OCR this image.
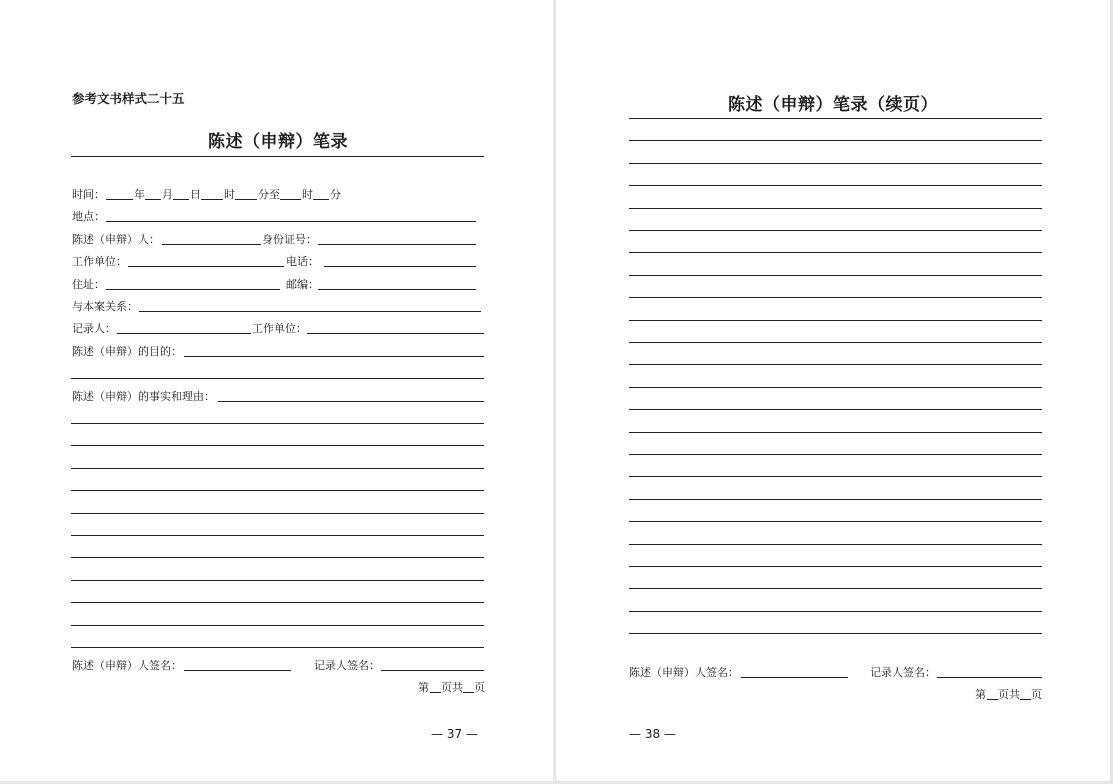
参考文书样式二十五
陈述（申辩）笔录
时间：	年 月 日 时 分至 时 分
地点：
陈述（申辩）人：	身份证号：
工作单位：	电话：
住址：	邮编：
与本案关系：
记录人：	工作单位：
陈述（申辩）的目的：
陈述（申辩）的事实和理由：
陈述（申辩）人签名：	记录人签名：
第 页共 页
— 37 —
陈述（申辩）笔录（续页）
陈述（申辩）人签名：	记录人签名：
第 页共 页
— 38 —
